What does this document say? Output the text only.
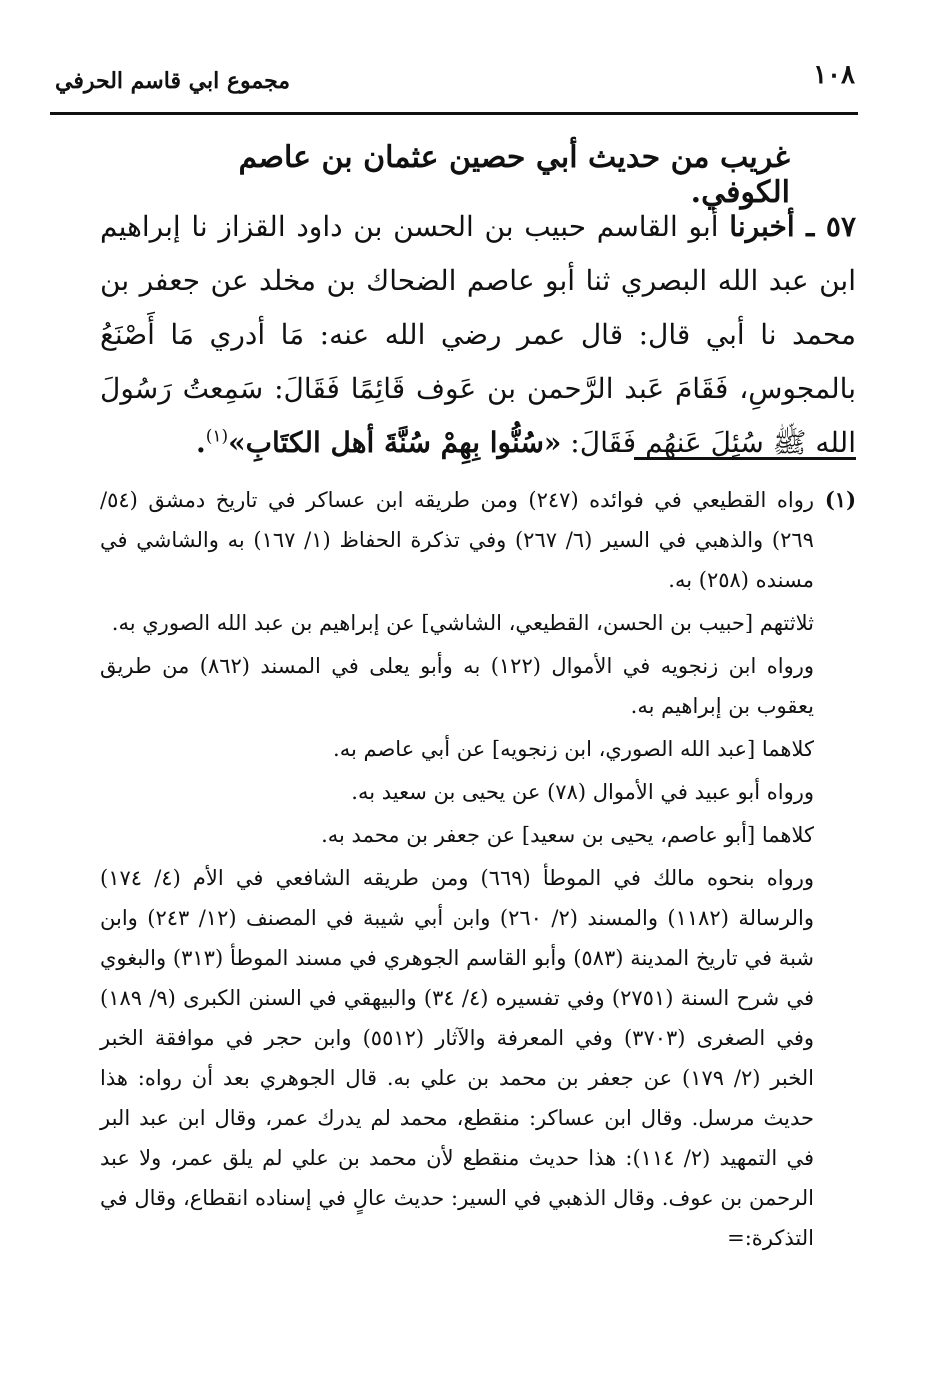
١٠٨
مجموع ابي قاسم الحرفي
غريب من حديث أبي حصين عثمان بن عاصم الكوفي.
٥٧ ـ أخبرنا أبو القاسم حبيب بن الحسن بن داود القزاز نا إبراهيم ابن عبد الله البصري ثنا أبو عاصم الضحاك بن مخلد عن جعفر بن محمد نا أبي قال: قال عمر رضي الله عنه: مَا أدري مَا أَصْنَعُ بالمجوسِ، فَقَامَ عَبد الرَّحمن بن عَوف قَائِمًا فَقَالَ: سَمِعتُ رَسُولَ الله ﷺ سُئِلَ عَنهُم فَقَالَ: «سُنُّوا بِهِمْ سُنَّةَ أهل الكتَابِ»$^{(١)}$.
(١)

رواه القطيعي في فوائده (٢٤٧) ومن طريقه ابن عساكر في تاريخ دمشق (٥٤/ ٢٦٩) والذهبي في السير (٦/ ٢٦٧) وفي تذكرة الحفاظ (١/ ١٦٧) به والشاشي في مسنده (٢٥٨) به.

ثلاثتهم [حبيب بن الحسن، القطيعي، الشاشي] عن إبراهيم بن عبد الله الصوري به.

ورواه ابن زنجويه في الأموال (١٢٢) به وأبو يعلى في المسند (٨٦٢) من طريق يعقوب بن إبراهيم به.

كلاهما [عبد الله الصوري، ابن زنجويه] عن أبي عاصم به.

ورواه أبو عبيد في الأموال (٧٨) عن يحيى بن سعيد به.

كلاهما [أبو عاصم، يحيى بن سعيد] عن جعفر بن محمد به.

ورواه بنحوه مالك في الموطأ (٦٦٩) ومن طريقه الشافعي في الأم (٤/ ١٧٤) والرسالة (١١٨٢) والمسند (٢/ ٢٦٠) وابن أبي شيبة في المصنف (١٢/ ٢٤٣) وابن شبة في تاريخ المدينة (٥٨٣) وأبو القاسم الجوهري في مسند الموطأ (٣١٣) والبغوي في شرح السنة (٢٧٥١) وفي تفسيره (٤/ ٣٤) والبيهقي في السنن الكبرى (٩/ ١٨٩) وفي الصغرى (٣٧٠٣) وفي المعرفة والآثار (٥٥١٢) وابن حجر في موافقة الخبر الخبر (٢/ ١٧٩) عن جعفر بن محمد بن علي به. قال الجوهري بعد أن رواه: هذا حديث مرسل. وقال ابن عساكر: منقطع، محمد لم يدرك عمر، وقال ابن عبد البر في التمهيد (٢/ ١١٤): هذا حديث منقطع لأن محمد بن علي لم يلق عمر، ولا عبد الرحمن بن عوف. وقال الذهبي في السير: حديث عالٍ في إسناده انقطاع، وقال في التذكرة:=
